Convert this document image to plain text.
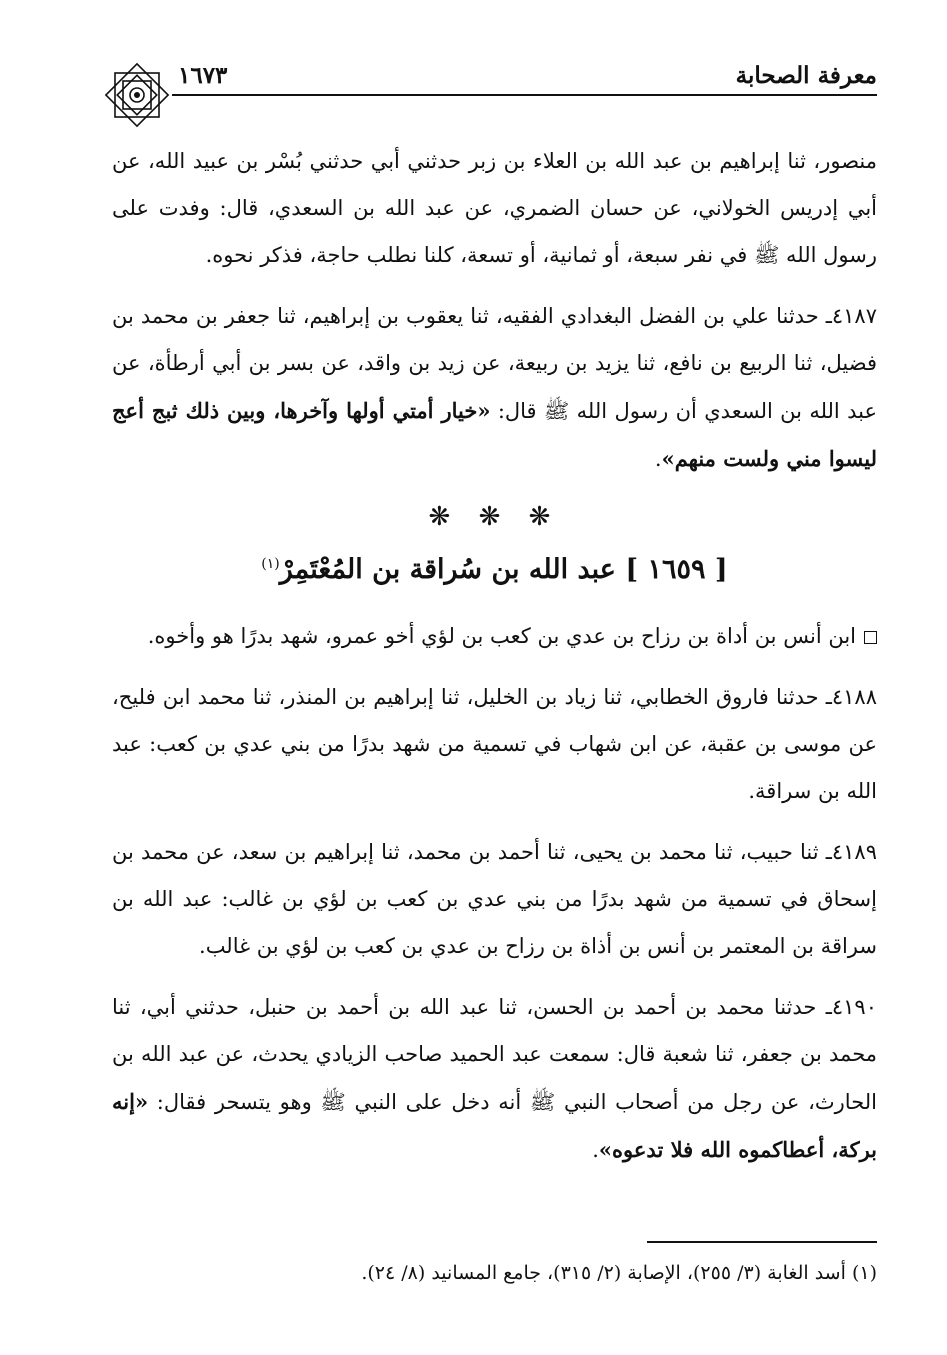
معرفة الصحابة
١٦٧٣

منصور، ثنا إبراهيم بن عبد الله بن العلاء بن زبر حدثني أبي حدثني بُسْر بن عبيد الله، عن أبي إدريس الخولاني، عن حسان الضمري، عن عبد الله بن السعدي، قال: وفدت على رسول الله ﷺ في نفر سبعة، أو ثمانية، أو تسعة، كلنا نطلب حاجة، فذكر نحوه.

٤١٨٧ـ حدثنا علي بن الفضل البغدادي الفقيه، ثنا يعقوب بن إبراهيم، ثنا جعفر بن محمد بن فضيل، ثنا الربيع بن نافع، ثنا يزيد بن ربيعة، عن زيد بن واقد، عن بسر بن أبي أرطأة، عن عبد الله بن السعدي أن رسول الله ﷺ قال: «خيار أمتي أولها وآخرها، وبين ذلك ثبج أعج ليسوا مني ولست منهم».

❋ ❋ ❋
[ ١٦٥٩ ] عبد الله بن سُراقة بن المُعْتَمِرْ$^{(١)}$

ابن أنس بن أداة بن رزاح بن عدي بن كعب بن لؤي أخو عمرو، شهد بدرًا هو وأخوه.

٤١٨٨ـ حدثنا فاروق الخطابي، ثنا زياد بن الخليل، ثنا إبراهيم بن المنذر، ثنا محمد ابن فليح، عن موسى بن عقبة، عن ابن شهاب في تسمية من شهد بدرًا من بني عدي بن كعب: عبد الله بن سراقة.

٤١٨٩ـ ثنا حبيب، ثنا محمد بن يحيى، ثنا أحمد بن محمد، ثنا إبراهيم بن سعد، عن محمد بن إسحاق في تسمية من شهد بدرًا من بني عدي بن كعب بن لؤي بن غالب: عبد الله بن سراقة بن المعتمر بن أنس بن أذاة بن رزاح بن عدي بن كعب بن لؤي بن غالب.

٤١٩٠ـ حدثنا محمد بن أحمد بن الحسن، ثنا عبد الله بن أحمد بن حنبل، حدثني أبي، ثنا محمد بن جعفر، ثنا شعبة قال: سمعت عبد الحميد صاحب الزيادي يحدث، عن عبد الله بن الحارث، عن رجل من أصحاب النبي ﷺ أنه دخل على النبي ﷺ وهو يتسحر فقال: «إنه بركة، أعطاكموه الله فلا تدعوه».

(١) أسد الغابة (٣/ ٢٥٥)، الإصابة (٢/ ٣١٥)، جامع المسانيد (٨/ ٢٤).
